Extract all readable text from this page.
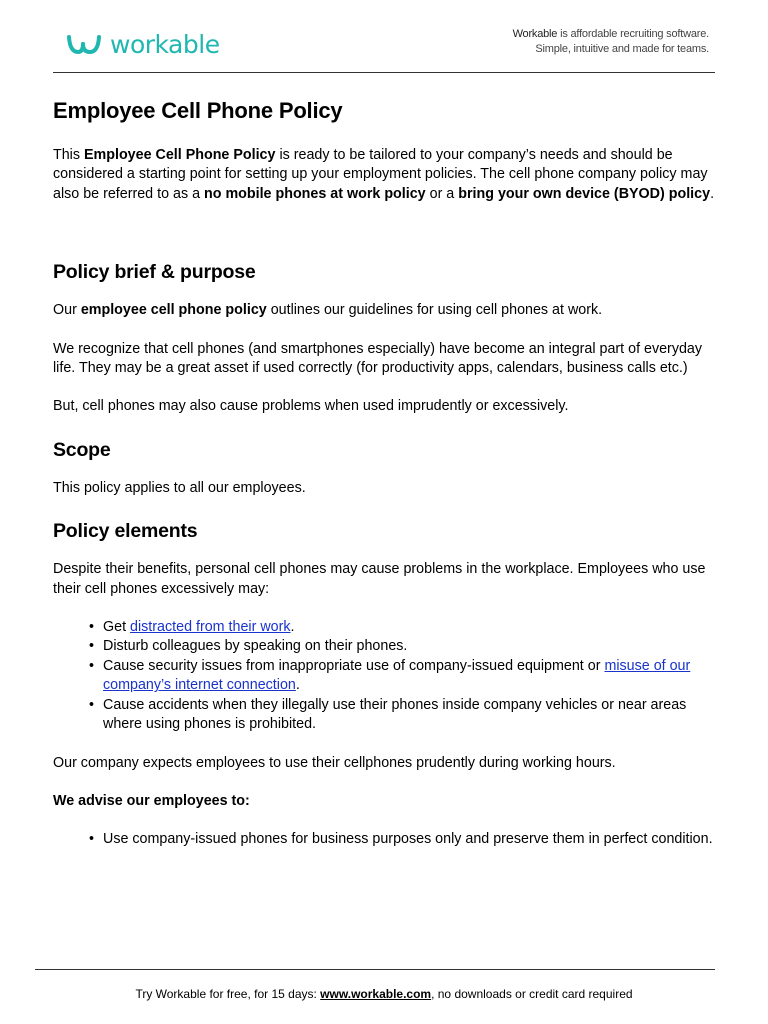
workable	Workable is affordable recruiting software.
Simple, intuitive and made for teams.
Employee Cell Phone Policy

This Employee Cell Phone Policy is ready to be tailored to your company’s needs and should be considered a starting point for setting up your employment policies. The cell phone company policy may also be referred to as a no mobile phones at work policy or a bring your own device (BYOD) policy.

Policy brief & purpose

Our employee cell phone policy outlines our guidelines for using cell phones at work.

We recognize that cell phones (and smartphones especially) have become an integral part of everyday life. They may be a great asset if used correctly (for productivity apps, calendars, business calls etc.)

But, cell phones may also cause problems when used imprudently or excessively.

Scope

This policy applies to all our employees.

Policy elements

Despite their benefits, personal cell phones may cause problems in the workplace. Employees who use their cell phones excessively may:

• Get distracted from their work.
• Disturb colleagues by speaking on their phones.
• Cause security issues from inappropriate use of company-issued equipment or misuse of our company’s internet connection.
• Cause accidents when they illegally use their phones inside company vehicles or near areas where using phones is prohibited.

Our company expects employees to use their cellphones prudently during working hours.

We advise our employees to:

• Use company-issued phones for business purposes only and preserve them in perfect condition.
Try Workable for free, for 15 days: www.workable.com, no downloads or credit card required
